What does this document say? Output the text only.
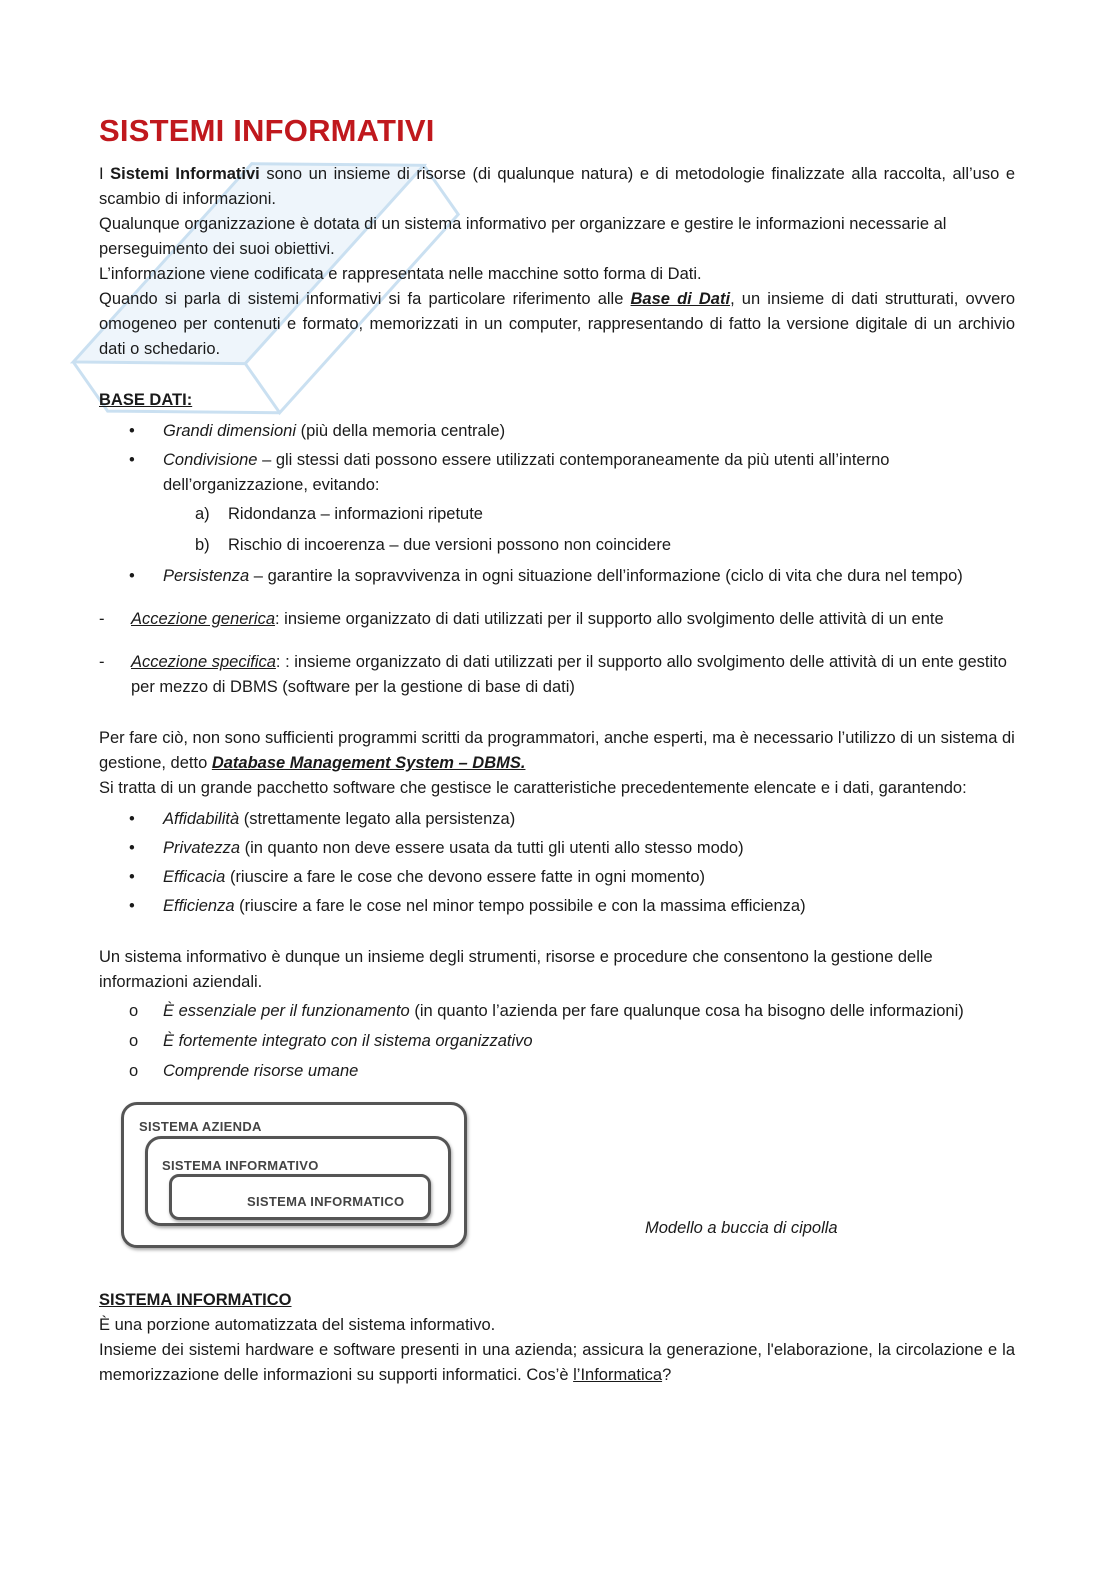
SISTEMI INFORMATIVI

I Sistemi Informativi sono un insieme di risorse (di qualunque natura) e di metodologie finalizzate alla raccolta, all’uso e scambio di informazioni.

Qualunque organizzazione è dotata di un sistema informativo per organizzare e gestire le informazioni necessarie al perseguimento dei suoi obiettivi.

L’informazione viene codificata e rappresentata nelle macchine sotto forma di Dati.

Quando si parla di sistemi informativi si fa particolare riferimento alle Base di Dati, un insieme di dati strutturati, ovvero omogeneo per contenuti e formato, memorizzati in un computer, rappresentando di fatto la versione digitale di un archivio dati o schedario.

BASE DATI:

• Grandi dimensioni (più della memoria centrale)
• Condivisione – gli stessi dati possono essere utilizzati contemporaneamente da più utenti all’interno dell’organizzazione, evitando:
a) Ridondanza – informazioni ripetute
b) Rischio di incoerenza – due versioni possono non coincidere
• Persistenza – garantire la sopravvivenza in ogni situazione dell’informazione (ciclo di vita che dura nel tempo)

- Accezione generica: insieme organizzato di dati utilizzati per il supporto allo svolgimento delle attività di un ente

- Accezione specifica: : insieme organizzato di dati utilizzati per il supporto allo svolgimento delle attività di un ente gestito per mezzo di DBMS (software per la gestione di base di dati)

Per fare ciò, non sono sufficienti programmi scritti da programmatori, anche esperti, ma è necessario l’utilizzo di un sistema di gestione, detto Database Management System – DBMS.

Si tratta di un grande pacchetto software che gestisce le caratteristiche precedentemente elencate e i dati, garantendo:

• Affidabilità (strettamente legato alla persistenza)
• Privatezza (in quanto non deve essere usata da tutti gli utenti allo stesso modo)
• Efficacia (riuscire a fare le cose che devono essere fatte in ogni momento)
• Efficienza (riuscire a fare le cose nel minor tempo possibile e con la massima efficienza)

Un sistema informativo è dunque un insieme degli strumenti, risorse e procedure che consentono la gestione delle informazioni aziendali.

o È essenziale per il funzionamento (in quanto l’azienda per fare qualunque cosa ha bisogno delle informazioni)
o È fortemente integrato con il sistema organizzativo
o Comprende risorse umane
SISTEMA AZIENDA
SISTEMA INFORMATIVO
SISTEMA INFORMATICO
Modello a buccia di cipolla

SISTEMA INFORMATICO

È una porzione automatizzata del sistema informativo.

Insieme dei sistemi hardware e software presenti in una azienda; assicura la generazione, l'elaborazione, la circolazione e la memorizzazione delle informazioni su supporti informatici. Cos’è l’Informatica?
